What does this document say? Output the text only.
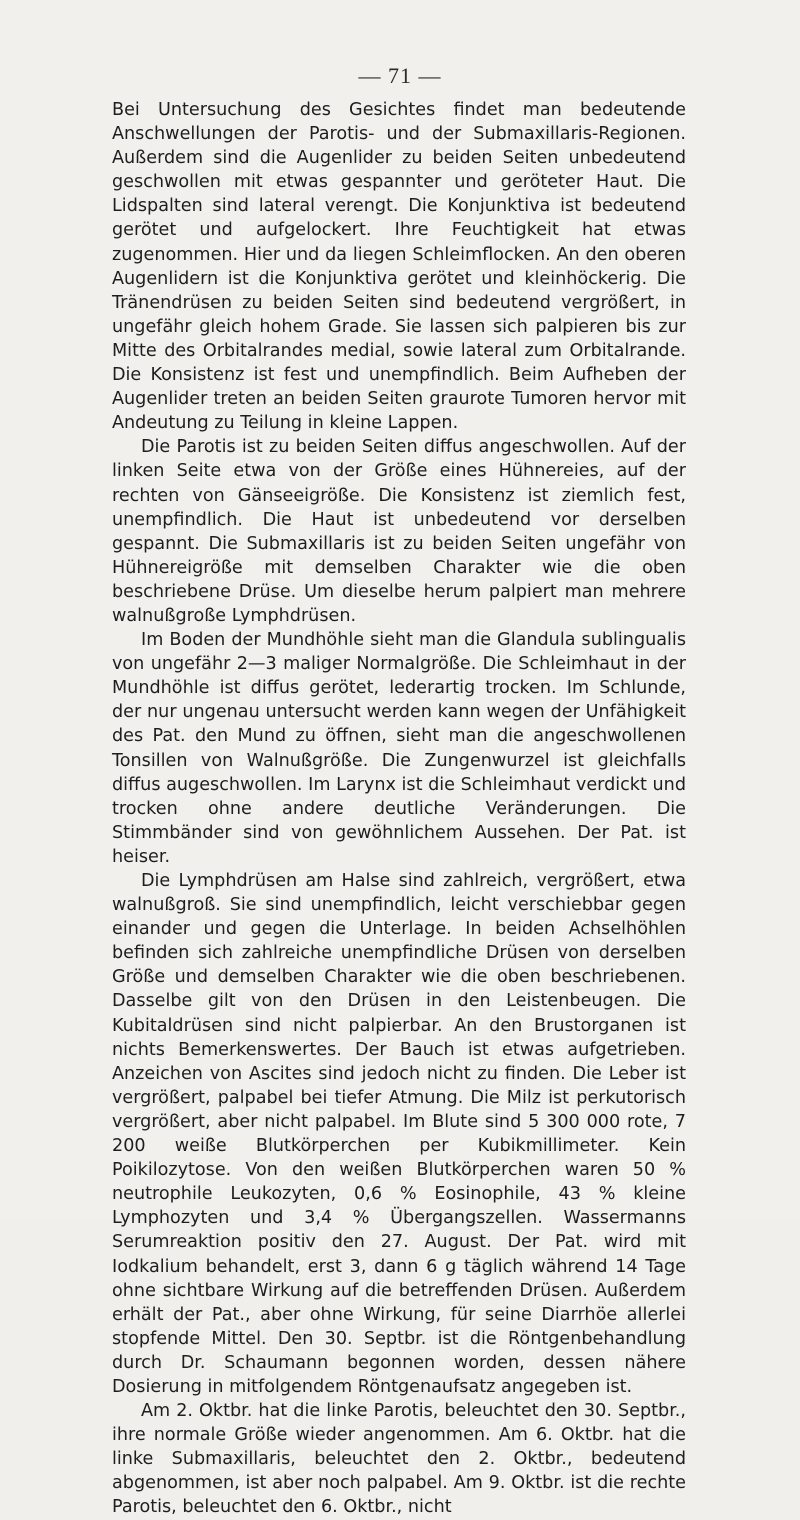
— 71 —

Bei Untersuchung des Gesichtes findet man bedeutende Anschwellungen der Parotis- und der Submaxillaris-Regionen. Außerdem sind die Augenlider zu beiden Seiten unbedeutend geschwollen mit etwas gespannter und geröteter Haut. Die Lidspalten sind lateral verengt. Die Konjunktiva ist bedeutend gerötet und aufgelockert. Ihre Feuchtigkeit hat etwas zugenommen. Hier und da liegen Schleimflocken. An den oberen Augenlidern ist die Konjunktiva gerötet und kleinhöckerig. Die Tränendrüsen zu beiden Seiten sind bedeutend vergrößert, in ungefähr gleich hohem Grade. Sie lassen sich palpieren bis zur Mitte des Orbitalrandes medial, sowie lateral zum Orbitalrande. Die Konsistenz ist fest und unempfindlich. Beim Aufheben der Augenlider treten an beiden Seiten graurote Tumoren hervor mit Andeutung zu Teilung in kleine Lappen.

Die Parotis ist zu beiden Seiten diffus angeschwollen. Auf der linken Seite etwa von der Größe eines Hühnereies, auf der rechten von Gänseeigröße. Die Konsistenz ist ziemlich fest, unempfindlich. Die Haut ist unbedeutend vor derselben gespannt. Die Submaxillaris ist zu beiden Seiten ungefähr von Hühnereigröße mit demselben Charakter wie die oben beschriebene Drüse. Um dieselbe herum palpiert man mehrere walnußgroße Lymphdrüsen.

Im Boden der Mundhöhle sieht man die Glandula sublingualis von ungefähr 2—3 maliger Normalgröße. Die Schleimhaut in der Mundhöhle ist diffus gerötet, lederartig trocken. Im Schlunde, der nur ungenau untersucht werden kann wegen der Unfähigkeit des Pat. den Mund zu öffnen, sieht man die angeschwollenen Tonsillen von Walnußgröße. Die Zungenwurzel ist gleichfalls diffus augeschwollen. Im Larynx ist die Schleimhaut verdickt und trocken ohne andere deutliche Veränderungen. Die Stimmbänder sind von gewöhnlichem Aussehen. Der Pat. ist heiser.

Die Lymphdrüsen am Halse sind zahlreich, vergrößert, etwa walnußgroß. Sie sind unempfindlich, leicht verschiebbar gegen einander und gegen die Unterlage. In beiden Achselhöhlen befinden sich zahlreiche unempfindliche Drüsen von derselben Größe und demselben Charakter wie die oben beschriebenen. Dasselbe gilt von den Drüsen in den Leistenbeugen. Die Kubitaldrüsen sind nicht palpierbar. An den Brustorganen ist nichts Bemerkenswertes. Der Bauch ist etwas aufgetrieben. Anzeichen von Ascites sind jedoch nicht zu finden. Die Leber ist vergrößert, palpabel bei tiefer Atmung. Die Milz ist perkutorisch vergrößert, aber nicht palpabel. Im Blute sind 5 300 000 rote, 7 200 weiße Blutkörperchen per Kubikmillimeter. Kein Poikilozytose. Von den weißen Blutkörperchen waren 50 % neutrophile Leukozyten, 0,6 % Eosinophile, 43 % kleine Lymphozyten und 3,4 % Übergangszellen. Wassermanns Serumreaktion positiv den 27. August. Der Pat. wird mit Iodkalium behandelt, erst 3, dann 6 g täglich während 14 Tage ohne sichtbare Wirkung auf die betreffenden Drüsen. Außerdem erhält der Pat., aber ohne Wirkung, für seine Diarrhöe allerlei stopfende Mittel. Den 30. Septbr. ist die Röntgenbehandlung durch Dr. Schaumann begonnen worden, dessen nähere Dosierung in mitfolgendem Röntgenaufsatz angegeben ist.

Am 2. Oktbr. hat die linke Parotis, beleuchtet den 30. Septbr., ihre normale Größe wieder angenommen. Am 6. Oktbr. hat die linke Submaxillaris, beleuchtet den 2. Oktbr., bedeutend abgenommen, ist aber noch palpabel. Am 9. Oktbr. ist die rechte Parotis, beleuchtet den 6. Oktbr., nicht
